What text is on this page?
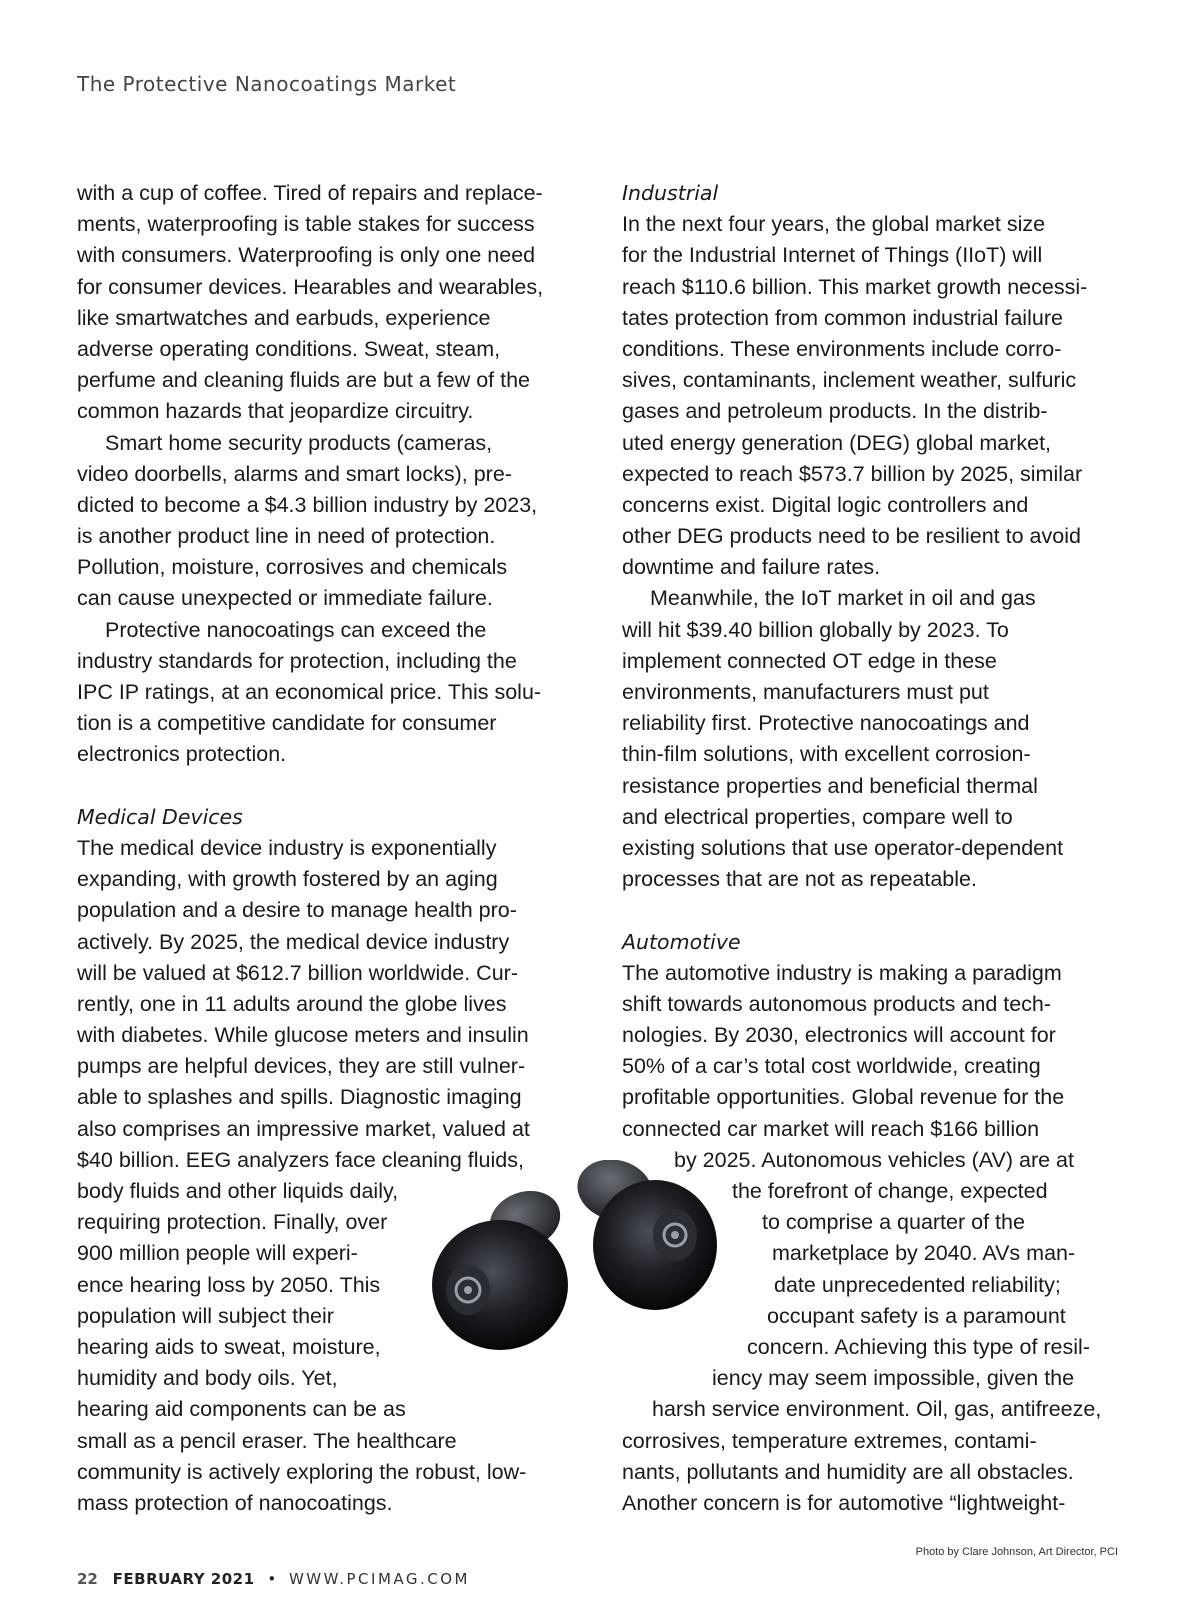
The Protective Nanocoatings Market
with a cup of coffee. Tired of repairs and replace-
ments, waterproofing is table stakes for success
with consumers. Waterproofing is only one need
for consumer devices. Hearables and wearables,
like smartwatches and earbuds, experience
adverse operating conditions. Sweat, steam,
perfume and cleaning fluids are but a few of the
common hazards that jeopardize circuitry.
Smart home security products (cameras,
video doorbells, alarms and smart locks), pre-
dicted to become a $4.3 billion industry by 2023,
is another product line in need of protection.
Pollution, moisture, corrosives and chemicals
can cause unexpected or immediate failure.
Protective nanocoatings can exceed the
industry standards for protection, including the
IPC IP ratings, at an economical price. This solu-
tion is a competitive candidate for consumer
electronics protection.
Medical Devices
The medical device industry is exponentially
expanding, with growth fostered by an aging
population and a desire to manage health pro-
actively. By 2025, the medical device industry
will be valued at $612.7 billion worldwide. Cur-
rently, one in 11 adults around the globe lives
with diabetes. While glucose meters and insulin
pumps are helpful devices, they are still vulner-
able to splashes and spills. Diagnostic imaging
also comprises an impressive market, valued at
$40 billion. EEG analyzers face cleaning fluids,
body fluids and other liquids daily,
requiring protection. Finally, over
900 million people will experi-
ence hearing loss by 2050. This
population will subject their
hearing aids to sweat, moisture,
humidity and body oils. Yet,
hearing aid components can be as
small as a pencil eraser. The healthcare
community is actively exploring the robust, low-
mass protection of nanocoatings.
Industrial
In the next four years, the global market size
for the Industrial Internet of Things (IIoT) will
reach $110.6 billion. This market growth necessi-
tates protection from common industrial failure
conditions. These environments include corro-
sives, contaminants, inclement weather, sulfuric
gases and petroleum products. In the distrib-
uted energy generation (DEG) global market,
expected to reach $573.7 billion by 2025, similar
concerns exist. Digital logic controllers and
other DEG products need to be resilient to avoid
downtime and failure rates.
Meanwhile, the IoT market in oil and gas
will hit $39.40 billion globally by 2023. To
implement connected OT edge in these
environments, manufacturers must put
reliability first. Protective nanocoatings and
thin-film solutions, with excellent corrosion-
resistance properties and beneficial thermal
and electrical properties, compare well to
existing solutions that use operator-dependent
processes that are not as repeatable.
Automotive
The automotive industry is making a paradigm
shift towards autonomous products and tech-
nologies. By 2030, electronics will account for
50% of a car’s total cost worldwide, creating
profitable opportunities. Global revenue for the
connected car market will reach $166 billion
by 2025. Autonomous vehicles (AV) are at
the forefront of change, expected
to comprise a quarter of the
marketplace by 2040. AVs man-
date unprecedented reliability;
occupant safety is a paramount
concern. Achieving this type of resil-
iency may seem impossible, given the
harsh service environment. Oil, gas, antifreeze,
corrosives, temperature extremes, contami-
nants, pollutants and humidity are all obstacles.
Another concern is for automotive “lightweight-
Photo by Clare Johnson, Art Director, PCI
22 FEBRUARY 2021 • WWW.PCIMAG.COM
